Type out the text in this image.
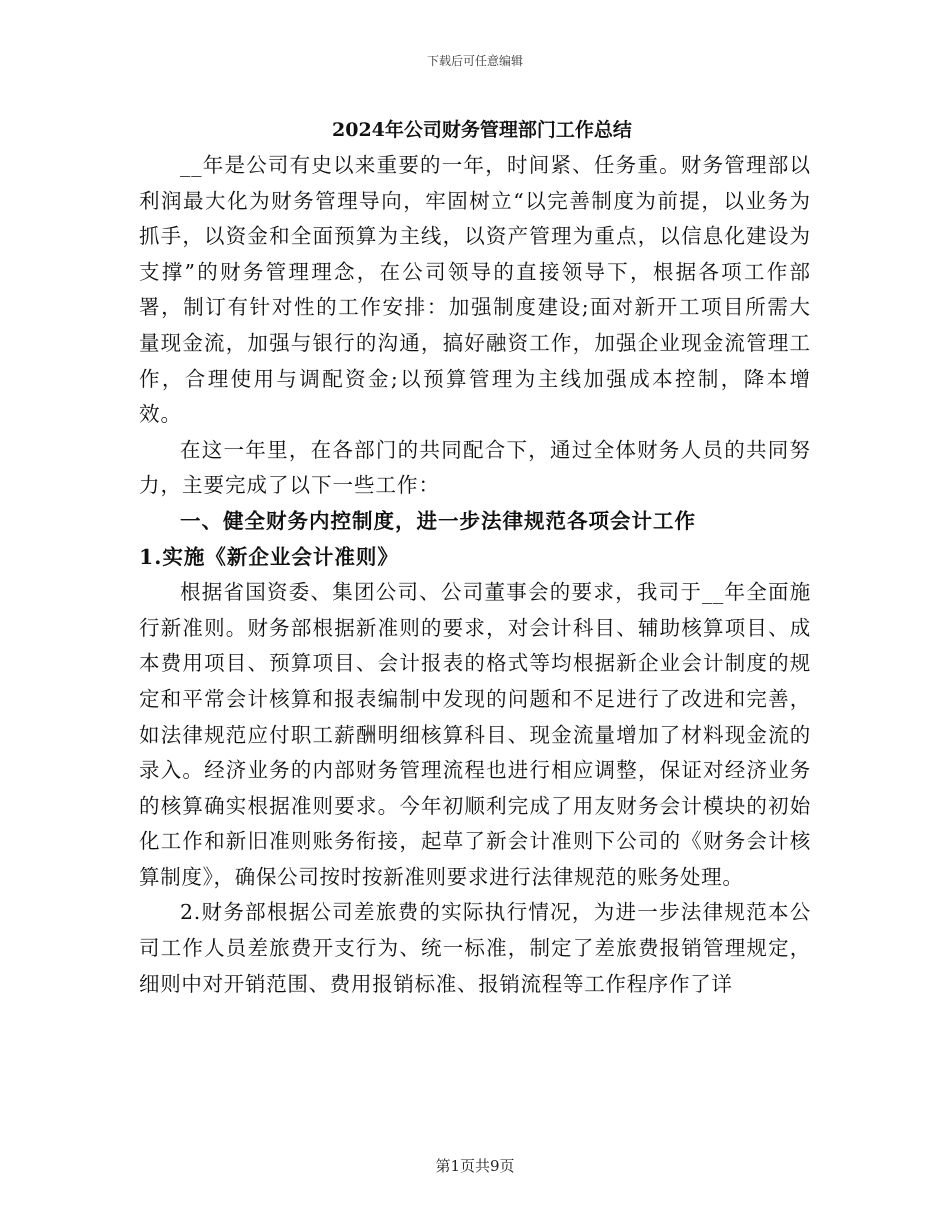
下载后可任意编辑
2024年公司财务管理部门工作总结

__年是公司有史以来重要的一年，时间紧、任务重。财务管理部以利润最大化为财务管理导向，牢固树立“以完善制度为前提，以业务为抓手，以资金和全面预算为主线，以资产管理为重点，以信息化建设为支撑”的财务管理理念，在公司领导的直接领导下，根据各项工作部署，制订有针对性的工作安排：加强制度建设;面对新开工项目所需大量现金流，加强与银行的沟通，搞好融资工作，加强企业现金流管理工作，合理使用与调配资金;以预算管理为主线加强成本控制，降本增效。

在这一年里，在各部门的共同配合下，通过全体财务人员的共同努力，主要完成了以下一些工作：

一、健全财务内控制度，进一步法律规范各项会计工作

1.实施《新企业会计准则》

根据省国资委、集团公司、公司董事会的要求，我司于__年全面施行新准则。财务部根据新准则的要求，对会计科目、辅助核算项目、成本费用项目、预算项目、会计报表的格式等均根据新企业会计制度的规定和平常会计核算和报表编制中发现的问题和不足进行了改进和完善，如法律规范应付职工薪酬明细核算科目、现金流量增加了材料现金流的录入。经济业务的内部财务管理流程也进行相应调整，保证对经济业务的核算确实根据准则要求。今年初顺利完成了用友财务会计模块的初始化工作和新旧准则账务衔接，起草了新会计准则下公司的《财务会计核算制度》，确保公司按时按新准则要求进行法律规范的账务处理。

2.财务部根据公司差旅费的实际执行情况，为进一步法律规范本公司工作人员差旅费开支行为、统一标准，制定了差旅费报销管理规定，细则中对开销范围、费用报销标准、报销流程等工作程序作了详

第1页共9页
